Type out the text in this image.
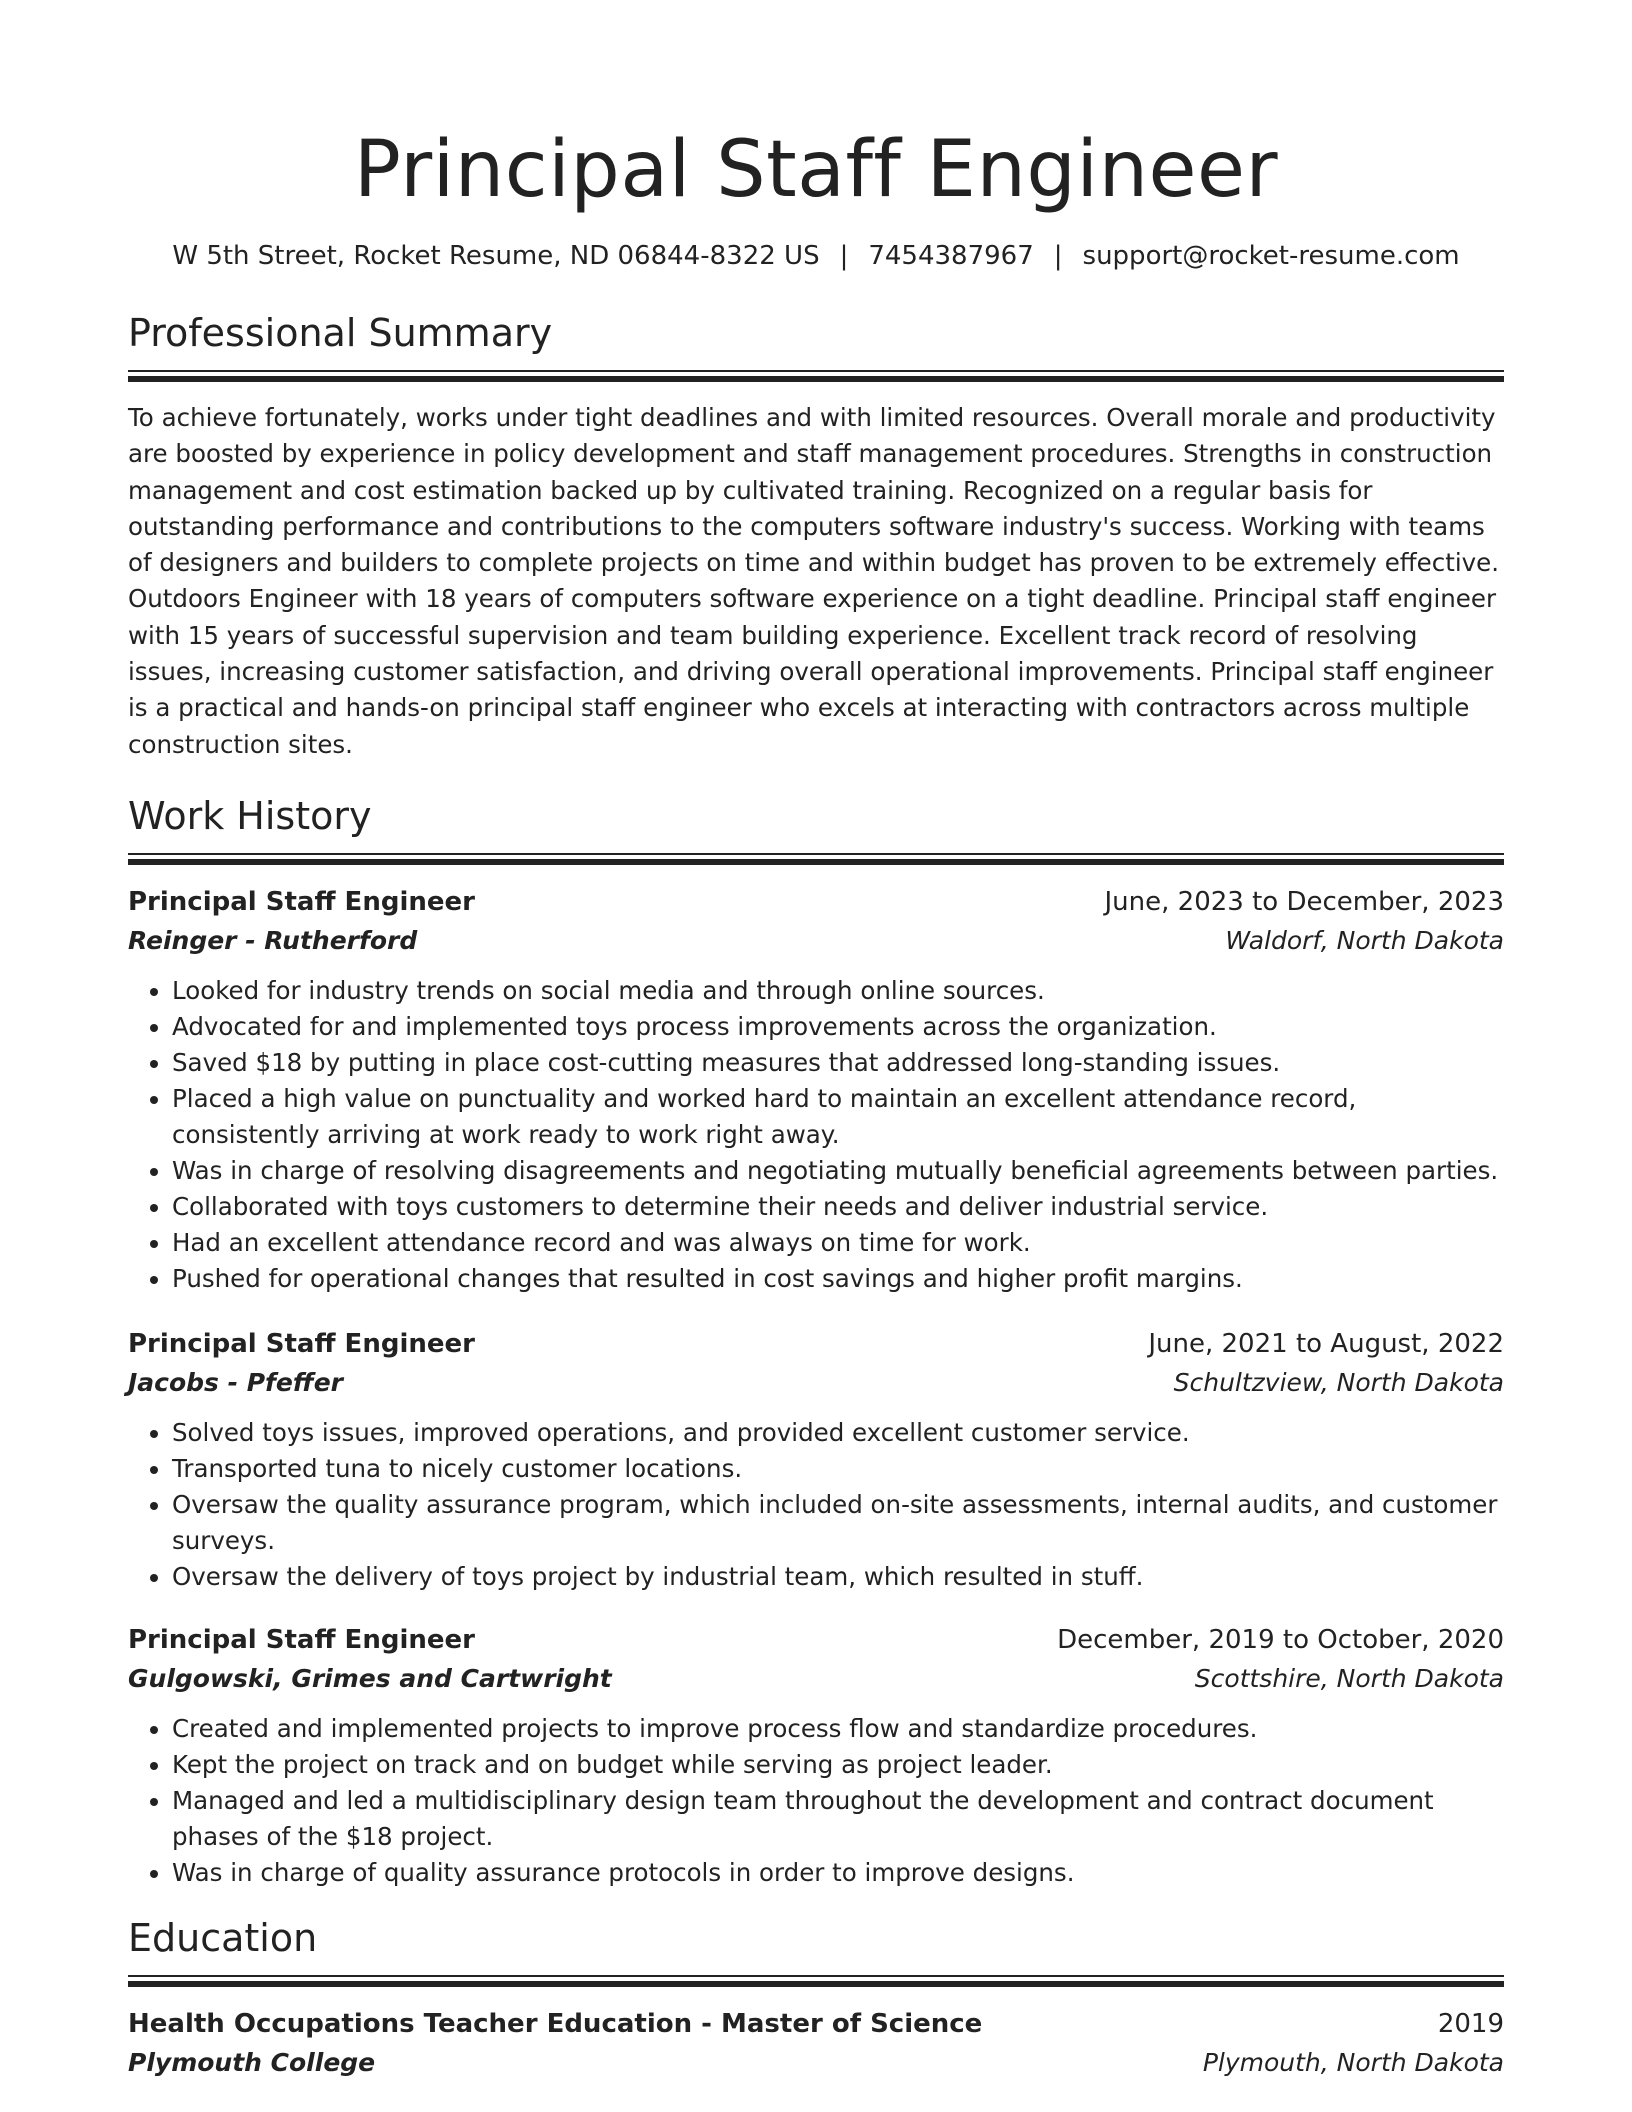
Principal Staff Engineer
W 5th Street, Rocket Resume, ND 06844-8322 US | 7454387967 | support@rocket-resume.com
Professional Summary

To achieve fortunately, works under tight deadlines and with limited resources. Overall morale and productivity are boosted by experience in policy development and staff management procedures. Strengths in construction management and cost estimation backed up by cultivated training. Recognized on a regular basis for outstanding performance and contributions to the computers software industry's success. Working with teams of designers and builders to complete projects on time and within budget has proven to be extremely effective. Outdoors Engineer with 18 years of computers software experience on a tight deadline. Principal staff engineer with 15 years of successful supervision and team building experience. Excellent track record of resolving issues, increasing customer satisfaction, and driving overall operational improvements. Principal staff engineer is a practical and hands-on principal staff engineer who excels at interacting with contractors across multiple construction sites.

Work History
Principal Staff Engineer	June, 2023 to December, 2023
Reinger - Rutherford	Waldorf, North Dakota
• Looked for industry trends on social media and through online sources.
• Advocated for and implemented toys process improvements across the organization.
• Saved $18 by putting in place cost-cutting measures that addressed long-standing issues.
• Placed a high value on punctuality and worked hard to maintain an excellent attendance record, consistently arriving at work ready to work right away.
• Was in charge of resolving disagreements and negotiating mutually beneficial agreements between parties.
• Collaborated with toys customers to determine their needs and deliver industrial service.
• Had an excellent attendance record and was always on time for work.
• Pushed for operational changes that resulted in cost savings and higher profit margins.
Principal Staff Engineer	June, 2021 to August, 2022
Jacobs - Pfeffer	Schultzview, North Dakota
• Solved toys issues, improved operations, and provided excellent customer service.
• Transported tuna to nicely customer locations.
• Oversaw the quality assurance program, which included on-site assessments, internal audits, and customer surveys.
• Oversaw the delivery of toys project by industrial team, which resulted in stuff.
Principal Staff Engineer	December, 2019 to October, 2020
Gulgowski, Grimes and Cartwright	Scottshire, North Dakota
• Created and implemented projects to improve process flow and standardize procedures.
• Kept the project on track and on budget while serving as project leader.
• Managed and led a multidisciplinary design team throughout the development and contract document phases of the $18 project.
• Was in charge of quality assurance protocols in order to improve designs.
Education
Health Occupations Teacher Education - Master of Science	2019
Plymouth College	Plymouth, North Dakota
